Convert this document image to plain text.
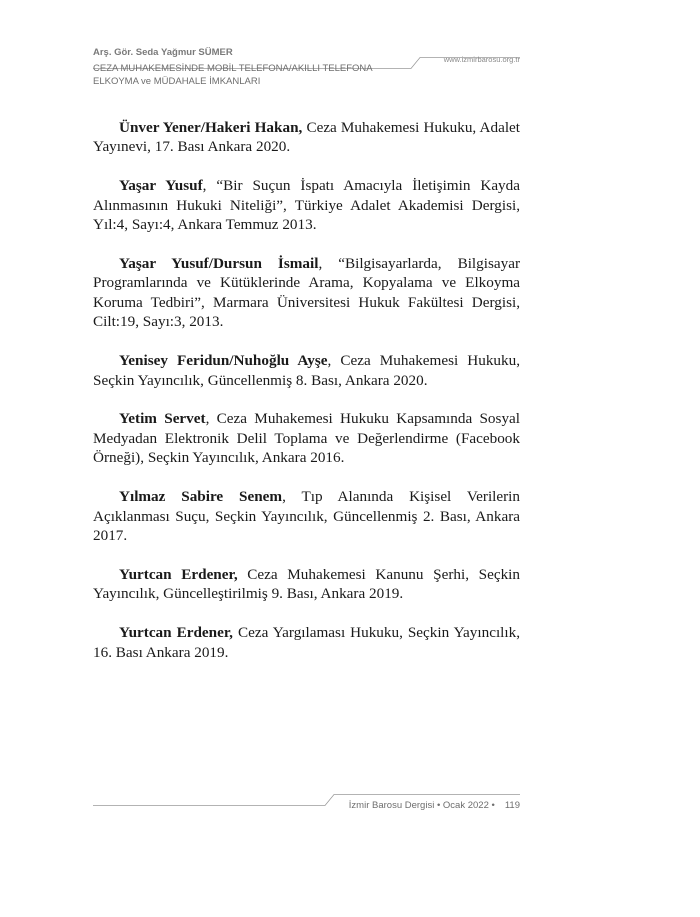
Arş. Gör. Seda Yağmur SÜMER
CEZA MUHAKEMESİNDE MOBİL TELEFONA/AKILLI TELEFONA
ELKOYMA ve MÜDAHALE İMKANLARI
www.izmirbarosu.org.tr

Ünver Yener/Hakeri Hakan, Ceza Muhakemesi Hukuku, Adalet Yayınevi, 17. Bası Ankara 2020.

Yaşar Yusuf, “Bir Suçun İspatı Amacıyla İletişimin Kayda Alınmasının Hukuki Niteliği”, Türkiye Adalet Akademisi Dergisi, Yıl:4, Sayı:4, Ankara Temmuz 2013.

Yaşar Yusuf/Dursun İsmail, “Bilgisayarlarda, Bilgisayar Programlarında ve Kütüklerinde Arama, Kopyalama ve Elkoyma Koruma Tedbiri”, Marmara Üniversitesi Hukuk Fakültesi Dergisi, Cilt:19, Sayı:3, 2013.

Yenisey Feridun/Nuhoğlu Ayşe, Ceza Muhakemesi Hukuku, Seçkin Yayıncılık, Güncellenmiş 8. Bası, Ankara 2020.

Yetim Servet, Ceza Muhakemesi Hukuku Kapsamında Sosyal Medyadan Elektronik Delil Toplama ve Değerlendirme (Facebook Örneği), Seçkin Yayıncılık, Ankara 2016.

Yılmaz Sabire Senem, Tıp Alanında Kişisel Verilerin Açıklanması Suçu, Seçkin Yayıncılık, Güncellenmiş 2. Bası, Ankara 2017.

Yurtcan Erdener, Ceza Muhakemesi Kanunu Şerhi, Seçkin Yayıncılık, Güncelleştirilmiş 9. Bası, Ankara 2019.

Yurtcan Erdener, Ceza Yargılaması Hukuku, Seçkin Yayıncılık, 16. Bası Ankara 2019.

İzmir Barosu Dergisi • Ocak 2022 • 119
